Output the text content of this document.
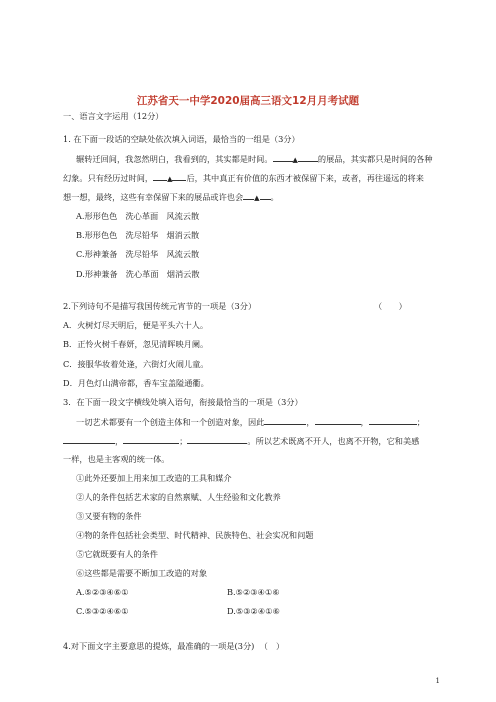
江苏省天一中学2020届高三语文12月月考试题
一、语言文字运用（12分）
1. 在下面一段话的空缺处依次填入词语，最恰当的一组是（3分）
辗转迁回间，我忽然明白，我看到的，其实都是时间。	▲ 的展品，其实都只是时间的各种
幻象。只有经历过时间， ▲ 后，其中真正有价值的东西才被保留下来，或者，再往遥远的将来
想一想，最终，这些有幸保留下来的展品或许也会 ▲ 。
A.形形色色　洗心革面　风流云散
B.形形色色　洗尽铅华　烟消云散
C.形神兼备　洗尽铅华　风流云散
D.形神兼备　洗心革面　烟消云散
2.下列诗句不是描写我国传统元宵节的一项是（3分）	（　　）
A．火树灯尽天明后，便是平头六十人。
B．正怜火树千春妍，忽见清晖映月阑。
C．接服华妆着处逢，六街灯火闹儿童。
D．月色灯山满帝都，香车宝盖隘通衢。
3．在下面一段文字横线处填入语句，衔接最恰当的一项是（3分）
一切艺术都要有一个创造主体和一个创造对象，因此	，	，	；
，	；	。所以艺术既离不开人，也离不开物，它和美感
一样，也是主客观的统一体。
①此外还要加上用来加工改造的工具和媒介
②人的条件包括艺术家的自然禀赋、人生经验和文化教养
③又要有物的条件
④物的条件包括社会类型、时代精神、民族特色、社会实况和问题
⑤它就既要有人的条件
⑥这些都是需要不断加工改造的对象
A.⑤②③④⑥①	B.⑤②③④①⑥
C.⑤③②④⑥①	D.⑤③②④①⑥
4.对下面文字主要意思的提炼，最准确的一项是(3分) （　）
1
